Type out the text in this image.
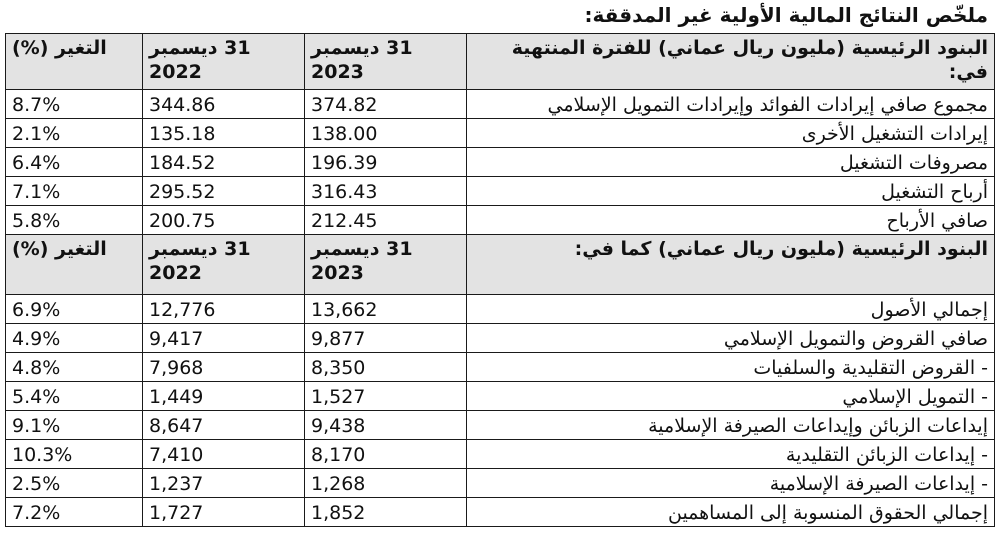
ملخّص النتائج المالية الأولية غير المدققة:
البنود الرئيسية (مليون ريال عماني) للفترة المنتهية في:	31 ديسمبر 2023	31 ديسمبر 2022	التغير (%)
مجموع صافي إيرادات الفوائد وإيرادات التمويل الإسلامي	374.82	344.86	8.7%
إيرادات التشغيل الأخرى	138.00	135.18	2.1%
مصروفات التشغيل	196.39	184.52	6.4%
أرباح التشغيل	316.43	295.52	7.1%
صافي الأرباح	212.45	200.75	5.8%
البنود الرئيسية (مليون ريال عماني) كما في:	31 ديسمبر 2023	31 ديسمبر 2022	التغير (%)
إجمالي الأصول	13,662	12,776	6.9%
صافي القروض والتمويل الإسلامي	9,877	9,417	4.9%
- القروض التقليدية والسلفيات	8,350	7,968	4.8%
- التمويل الإسلامي	1,527	1,449	5.4%
إيداعات الزبائن وإيداعات الصيرفة الإسلامية	9,438	8,647	9.1%
- إيداعات الزبائن التقليدية	8,170	7,410	10.3%
- إيداعات الصيرفة الإسلامية	1,268	1,237	2.5%
إجمالي الحقوق المنسوبة إلى المساهمين	1,852	1,727	7.2%
